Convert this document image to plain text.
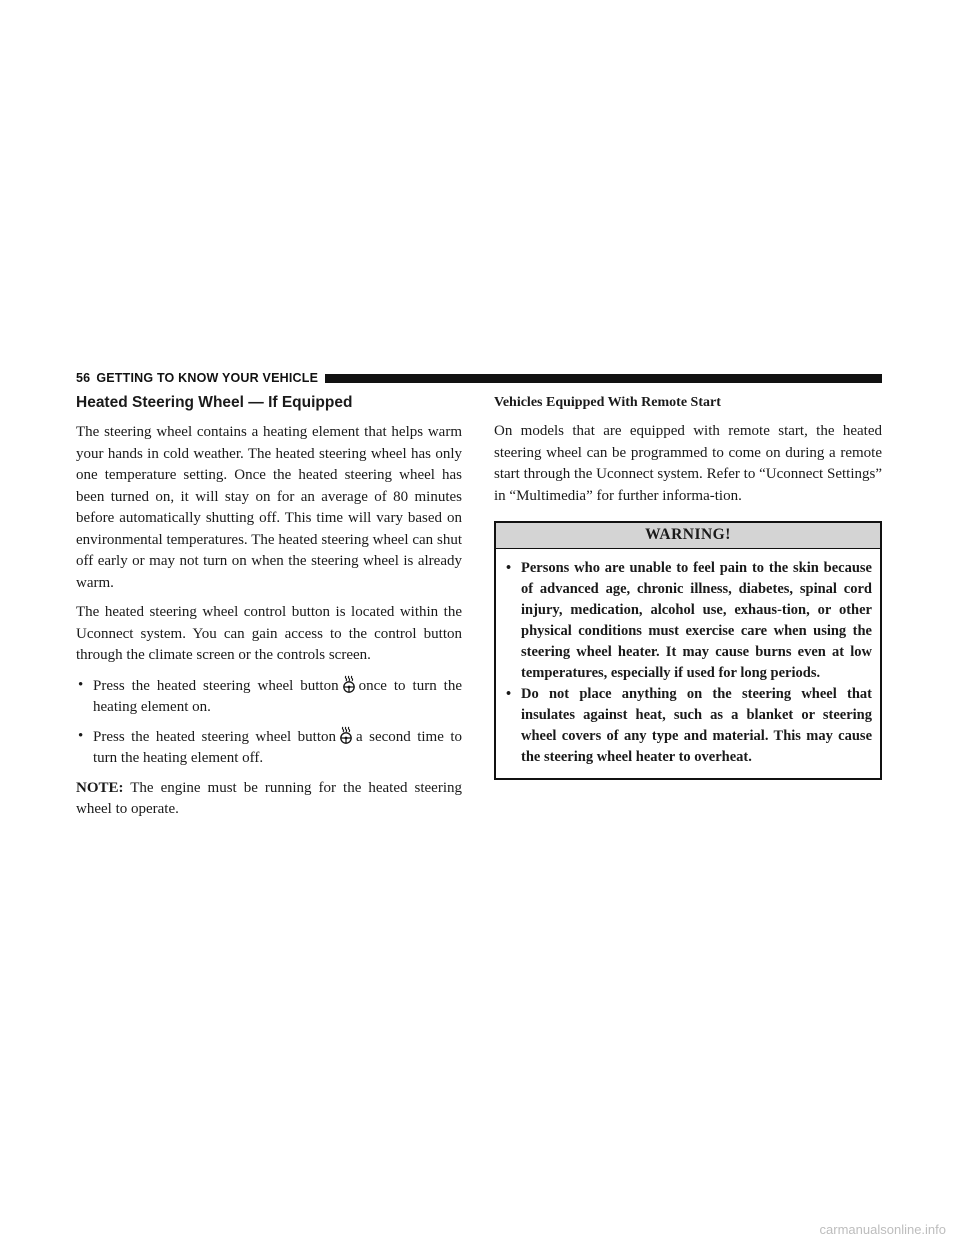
56 GETTING TO KNOW YOUR VEHICLE
Heated Steering Wheel — If Equipped

The steering wheel contains a heating element that helps warm your hands in cold weather. The heated steering wheel has only one temperature setting. Once the heated steering wheel has been turned on, it will stay on for an average of 80 minutes before automatically shutting off. This time will vary based on environmental temperatures. The heated steering wheel can shut off early or may not turn on when the steering wheel is already warm.

The heated steering wheel control button is located within the Uconnect system. You can gain access to the control button through the climate screen or the controls screen.

• Press the heated steering wheel button once to turn the heating element on.
• Press the heated steering wheel button a second time to turn the heating element off.

NOTE: The engine must be running for the heated steering wheel to operate.

Vehicles Equipped With Remote Start

On models that are equipped with remote start, the heated steering wheel can be programmed to come on during a remote start through the Uconnect system. Refer to “Uconnect Settings” in “Multimedia” for further informa-tion.

WARNING!
• Persons who are unable to feel pain to the skin because of advanced age, chronic illness, diabetes, spinal cord injury, medication, alcohol use, exhaus-tion, or other physical conditions must exercise care when using the steering wheel heater. It may cause burns even at low temperatures, especially if used for long periods.
• Do not place anything on the steering wheel that insulates against heat, such as a blanket or steering wheel covers of any type and material. This may cause the steering wheel heater to overheat.
carmanualsonline.info
